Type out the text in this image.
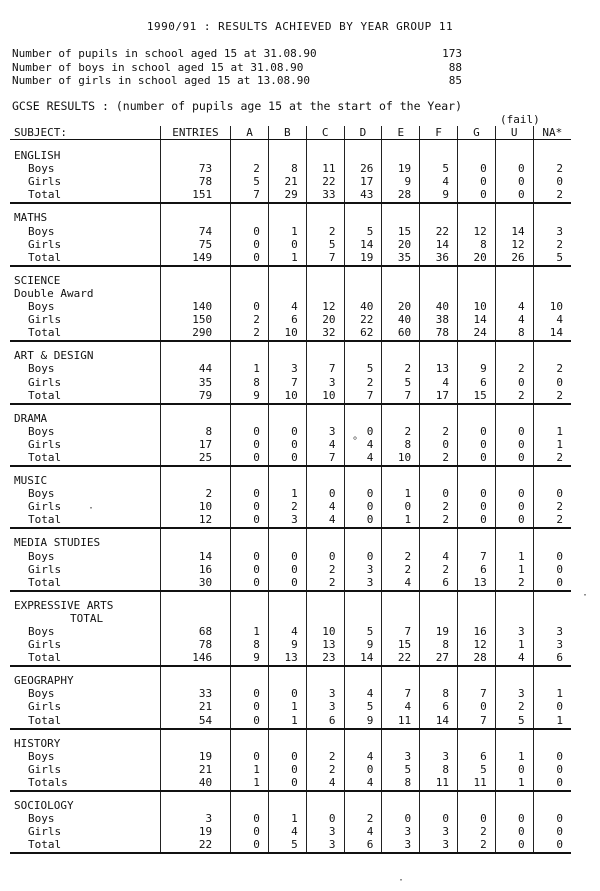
1990/91 : RESULTS ACHIEVED BY YEAR GROUP 11
Number of pupils in school aged 15 at 31.08.90	173
Number of boys in school aged 15 at 31.08.90	88
Number of girls in school aged 15 at 13.08.90	85
GCSE RESULTS : (number of pupils age 15 at the start of the Year)
(fail)
SUBJECT:	ENTRIES	A	B	C	D	E	F	G	U	NA*
ENGLISH										
Boys	73	2	8	11	26	19	5	0	0	2
Girls	78	5	21	22	17	9	4	0	0	0
Total	151	7	29	33	43	28	9	0	0	2
MATHS										
Boys	74	0	1	2	5	15	22	12	14	3
Girls	75	0	0	5	14	20	14	8	12	2
Total	149	0	1	7	19	35	36	20	26	5
SCIENCE										
Double Award										
Boys	140	0	4	12	40	20	40	10	4	10
Girls	150	2	6	20	22	40	38	14	4	4
Total	290	2	10	32	62	60	78	24	8	14
ART & DESIGN										
Boys	44	1	3	7	5	2	13	9	2	2
Girls	35	8	7	3	2	5	4	6	0	0
Total	79	9	10	10	7	7	17	15	2	2
DRAMA										
Boys	8	0	0	3	0	2	2	0	0	1
Girls	17	0	0	4	4	8	0	0	0	1
Total	25	0	0	7	4	10	2	0	0	2
MUSIC										
Boys	2	0	1	0	0	1	0	0	0	0
Girls	10	0	2	4	0	0	2	0	0	2
Total	12	0	3	4	0	1	2	0	0	2
MEDIA STUDIES										
Boys	14	0	0	0	0	2	4	7	1	0
Girls	16	0	0	2	3	2	2	6	1	0
Total	30	0	0	2	3	4	6	13	2	0
EXPRESSIVE ARTS										
TOTAL										
Boys	68	1	4	10	5	7	19	16	3	3
Girls	78	8	9	13	9	15	8	12	1	3
Total	146	9	13	23	14	22	27	28	4	6
GEOGRAPHY										
Boys	33	0	0	3	4	7	8	7	3	1
Girls	21	0	1	3	5	4	6	0	2	0
Total	54	0	1	6	9	11	14	7	5	1
HISTORY										
Boys	19	0	0	2	4	3	3	6	1	0
Girls	21	1	0	2	0	5	8	5	0	0
Totals	40	1	0	4	4	8	11	11	1	0
SOCIOLOGY										
Boys	3	0	1	0	2	0	0	0	0	0
Girls	19	0	4	3	4	3	3	2	0	0
Total	22	0	5	3	6	3	3	2	0	0
°
·
·
·
